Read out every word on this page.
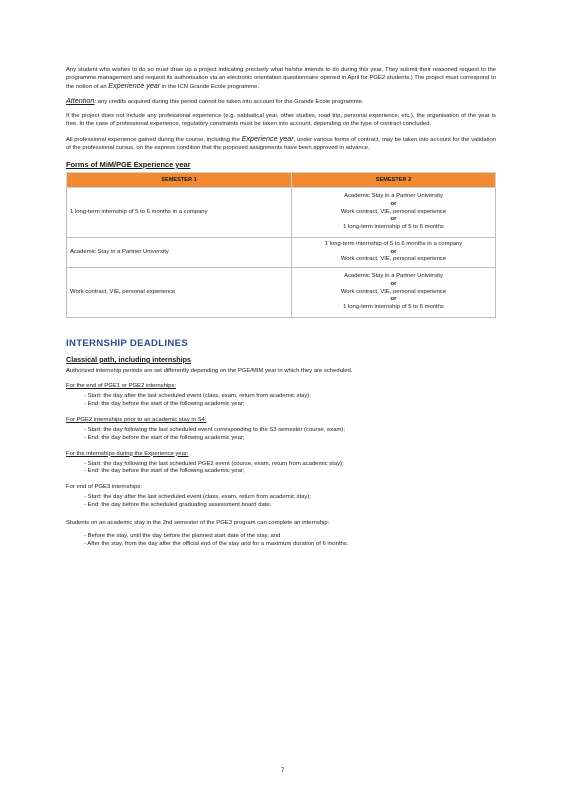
Any student who wishes to do so must draw up a project indicating precisely what he/she intends to do during this year. They submit their reasoned request to the programme management and request its authorisation via an electronic orientation questionnaire opened in April for PGE2 students.) The project must correspond to the notion of an Experience year in the ICN Grande Ecole programme.

Attention: any credits acquired during this period cannot be taken into account for the Grande Ecole programme.

If the project does not include any professional experience (e.g. sabbatical year, other studies, road trip, personal experience, etc.), the organisation of the year is free. In the case of professional experience, regulatory constraints must be taken into account, depending on the type of contract concluded.

All professional experience gained during the course, including the Experience year, under various forms of contract, may be taken into account for the validation of the professional cursus, on the express condition that the proposed assignments have been approved in advance.

Forms of MiM/PGE Experience year
SEMESTER 1	SEMESTER 2
1 long-term internship of 5 to 6 months in a company	Academic Stay in a Partner University
or
Work contract, VIE, personal experience
or
1 long-term internship of 5 to 6 months
Academic Stay in a Partner University	1 long-term internship of 5 to 6 months in a company
or
Work contract, VIE, personal experience
Work contract, VIE, personal experience	Academic Stay in a Partner University
or
Work contract, VIE, personal experience
or
1 long-term internship of 5 to 6 months
INTERNSHIP DEADLINES
Classical path, including internships

Authorized internship periods are set differently depending on the PGE/MIM year in which they are scheduled.

For the end of PGE1 or PGE2 internships:
- Start: the day after the last scheduled event (class, exam, return from academic stay);
- End: the day before the start of the following academic year;
For PGE2 internships prior to an academic stay in S4:
- Start: the day following the last scheduled event corresponding to the S3 semester (course, exam);
- End: the day before the start of the following academic year;
For the internships during the Experience year:
- Start: the day following the last scheduled PGE2 event (course, exam, return from academic stay);
- End: the day before the start of the following academic year;
For end of PGE3 internships:
- Start: the day after the last scheduled event (class, exam, return from academic stay);
- End: the day before the scheduled graduating assessment board date.

Students on an academic stay in the 2nd semester of the PGE3 program can complete an internship:

- Before the stay, until the day before the planned start date of the stay, and
- After the stay, from the day after the official end of the stay and for a maximum duration of 6 months.
7
